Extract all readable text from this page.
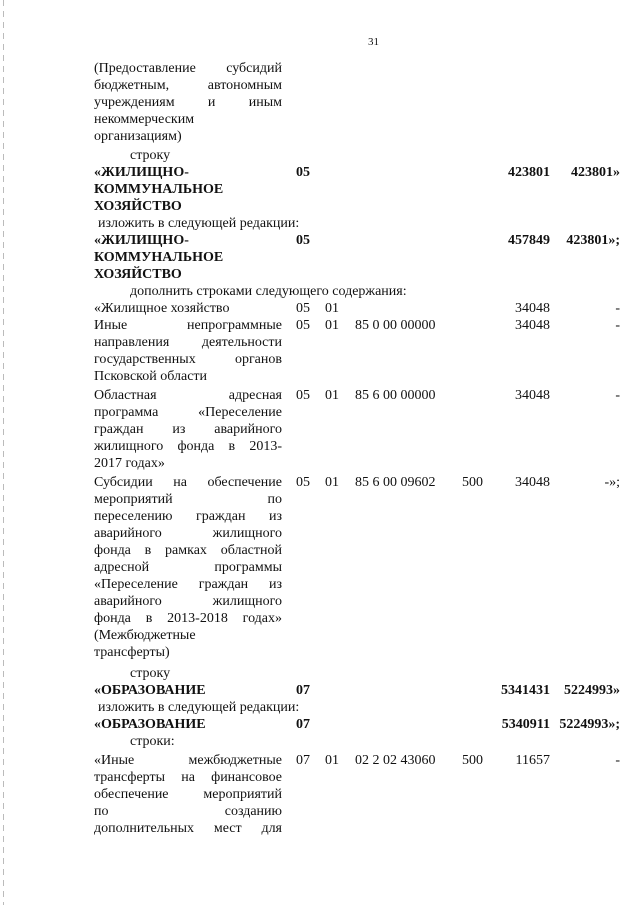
31
(Предоставление субсидий
бюджетным, автономным
учреждениям и иным
некоммерческим
организациям)
строку
«ЖИЛИЩНО-
КОММУНАЛЬНОЕ
ХОЗЯЙСТВО
05	423801	423801»
изложить в следующей редакции:
«ЖИЛИЩНО-
КОММУНАЛЬНОЕ
ХОЗЯЙСТВО
05	457849	423801»;
дополнить строками следующего содержания:
«Жилищное хозяйство	05 01	34048	-
Иные непрограммные
направления деятельности
государственных органов
Псковской области
05 01 85 0 00 00000	34048	-
Областная адресная
программа «Переселение
граждан из аварийного
жилищного фонда в 2013-
2017 годах»
05 01 85 6 00 00000	34048	-
Субсидии на обеспечение
мероприятий по
переселению граждан из
аварийного жилищного
фонда в рамках областной
адресной программы
«Переселение граждан из
аварийного жилищного
фонда в 2013-2018 годах»
(Межбюджетные
трансферты)
05 01 85 6 00 09602 500	34048	-»;
строку
«ОБРАЗОВАНИЕ	07	5341431	5224993»
изложить в следующей редакции:
«ОБРАЗОВАНИЕ	07	5340911 5224993»;
строки:
«Иные межбюджетные
трансферты на финансовое
обеспечение мероприятий
по созданию
дополнительных мест для
07 01 02 2 02 43060 500	11657	-
